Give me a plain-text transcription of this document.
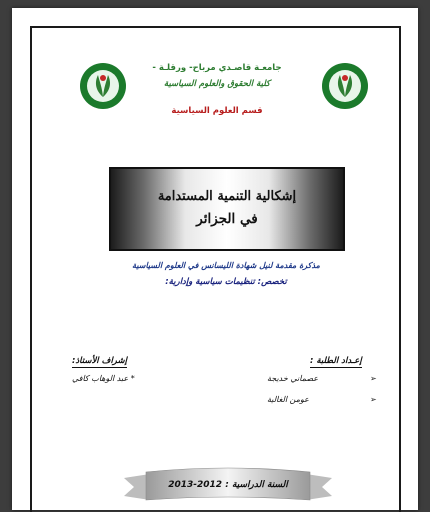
جامعـة قاصـدي مرباح- ورقلـة -
كلية الحقوق والعلوم السياسية
قسم العلوم السياسية
إشكالية التنمية المستدامة
في الجزائر
مذكرة مقدمة لنيل شهادة الليسانس في العلوم السياسية
تخصص: تنظيمات سياسية وإدارية:
إعـداد الطلبة :
إشراف الأستاذ:
➢
عصماني خديجة
➢
عومن الغالية
* عبد الوهاب كافي
السنة الدراسية : 2012-2013
